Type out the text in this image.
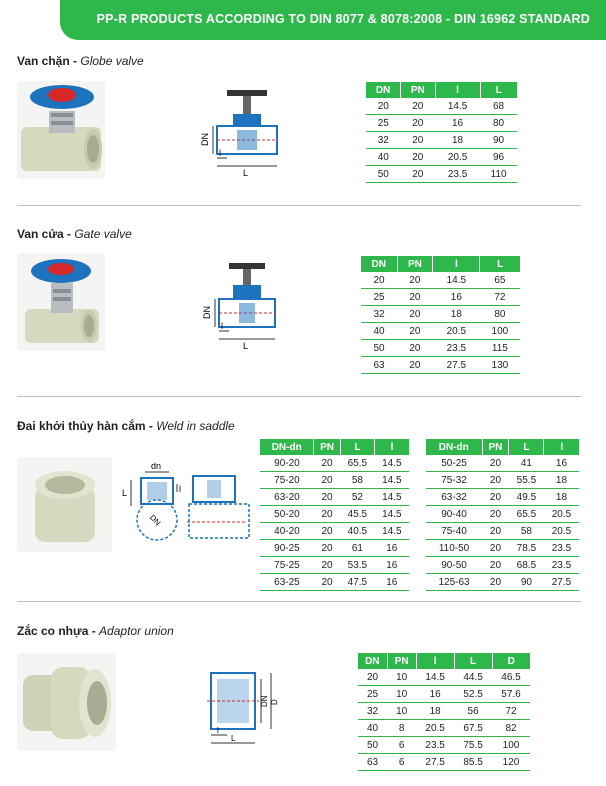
PP-R PRODUCTS ACCORDING TO DIN 8077 & 8078:2008 - DIN 16962 STANDARD
Van chặn - Globe valve
DN
l
L
DN	PN	l	L
20	20	14.5	68
25	20	16	80
32	20	18	90
40	20	20.5	96
50	20	23.5	110
Van cửa - Gate valve
DN
l
L
DN	PN	l	L
20	20	14.5	65
25	20	16	72
32	20	18	80
40	20	20.5	100
50	20	23.5	115
63	20	27.5	130
Đai khởi thủy hàn cắm - Weld in saddle
dn
L	l
DN
DN-dn	PN	L	l
90-20	20	65.5	14.5
75-20	20	58	14.5
63-20	20	52	14.5
50-20	20	45.5	14.5
40-20	20	40.5	14.5
90-25	20	61	16
75-25	20	53.5	16
63-25	20	47.5	16
DN-dn	PN	L	l
50-25	20	41	16
75-32	20	55.5	18
63-32	20	49.5	18
90-40	20	65.5	20.5
75-40	20	58	20.5
110-50	20	78.5	23.5
90-50	20	68.5	23.5
125-63	20	90	27.5
Zắc co nhựa - Adaptor union
DN D
l
L
DN	PN	l	L	D
20	10	14.5	44.5	46.5
25	10	16	52.5	57.6
32	10	18	56	72
40	8	20.5	67.5	82
50	6	23.5	75.5	100
63	6	27.5	85.5	120
